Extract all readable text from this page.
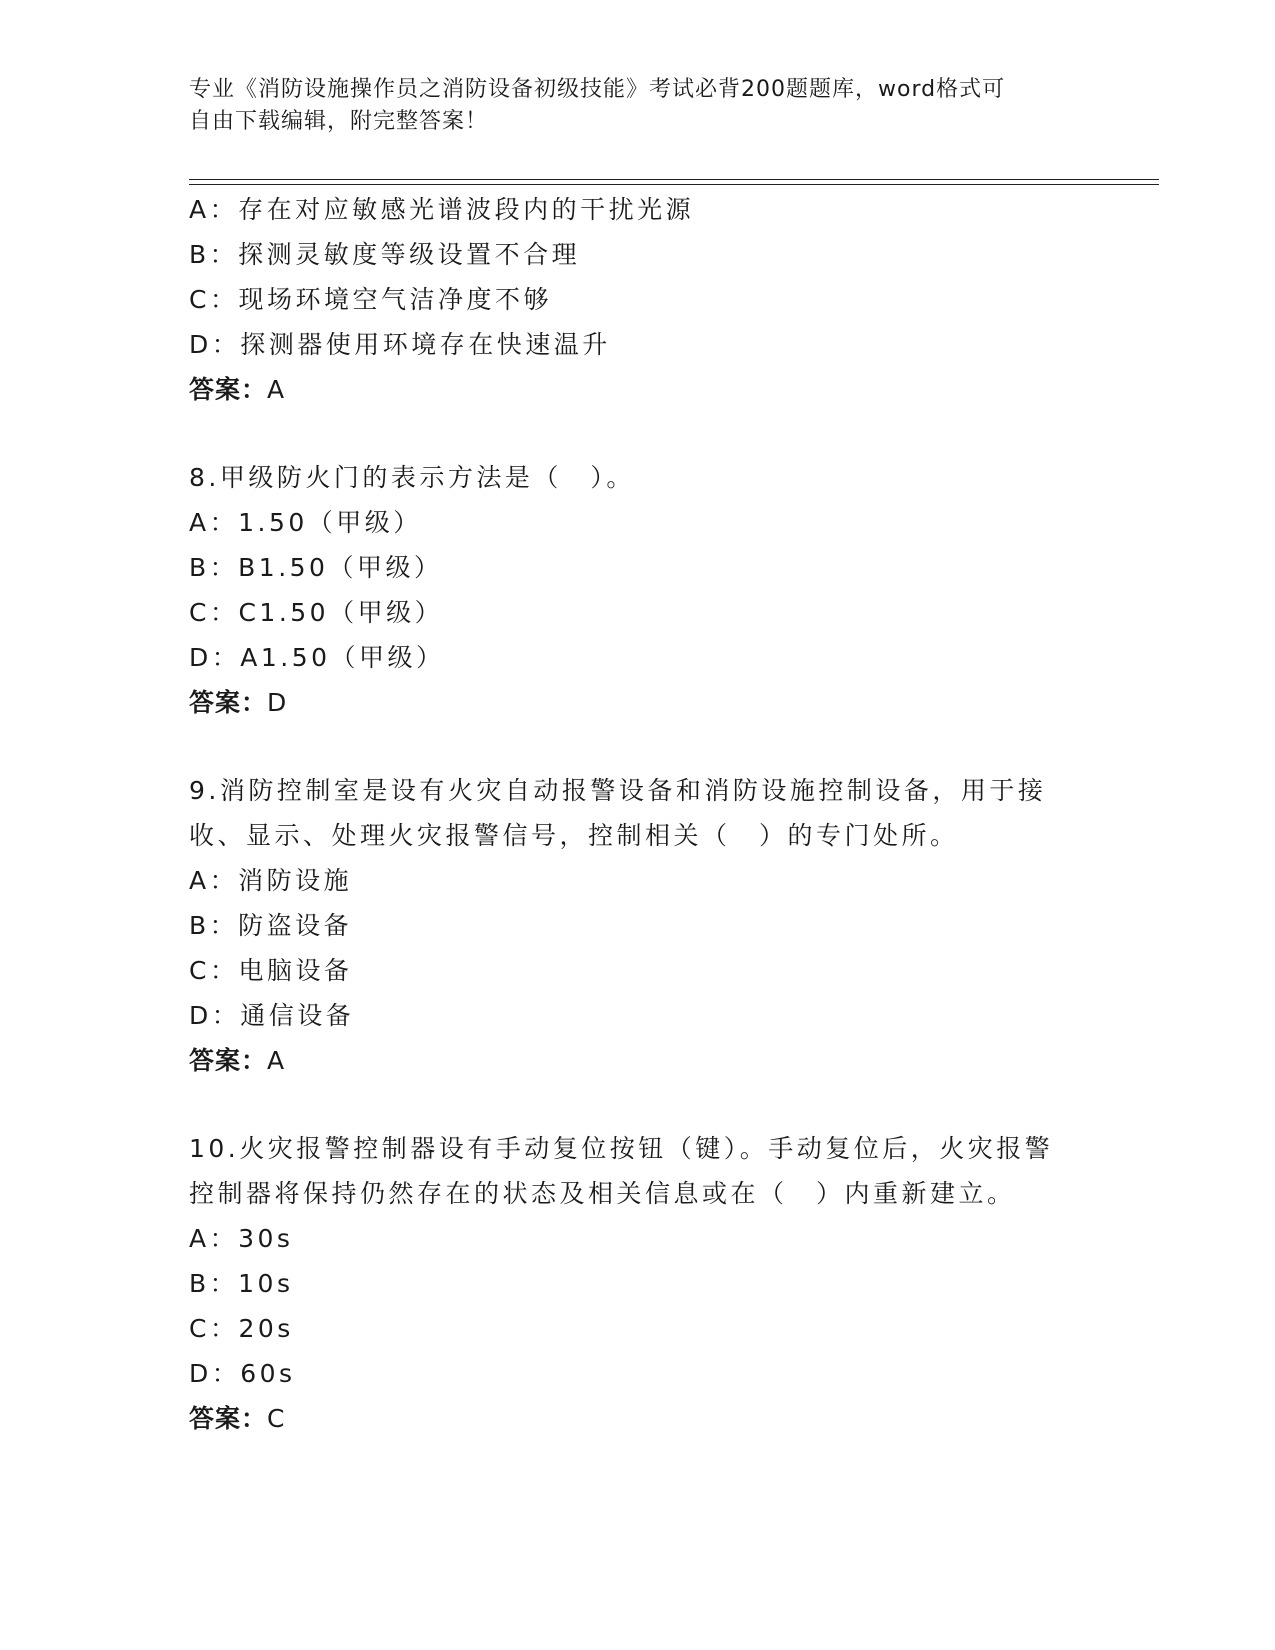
专业《消防设施操作员之消防设备初级技能》考试必背200题题库，word格式可
自由下载编辑，附完整答案！
A：存在对应敏感光谱波段内的干扰光源
B：探测灵敏度等级设置不合理
C：现场环境空气洁净度不够
D：探测器使用环境存在快速温升
答案：A
8.甲级防火门的表示方法是（　）。
A：1.50（甲级）
B：B1.50（甲级）
C：C1.50（甲级）
D：A1.50（甲级）
答案：D
9.消防控制室是设有火灾自动报警设备和消防设施控制设备，用于接
收、显示、处理火灾报警信号，控制相关（　）的专门处所。
A：消防设施
B：防盗设备
C：电脑设备
D：通信设备
答案：A
10.火灾报警控制器设有手动复位按钮（键）。手动复位后，火灾报警
控制器将保持仍然存在的状态及相关信息或在（　）内重新建立。
A：30s
B：10s
C：20s
D：60s
答案：C
